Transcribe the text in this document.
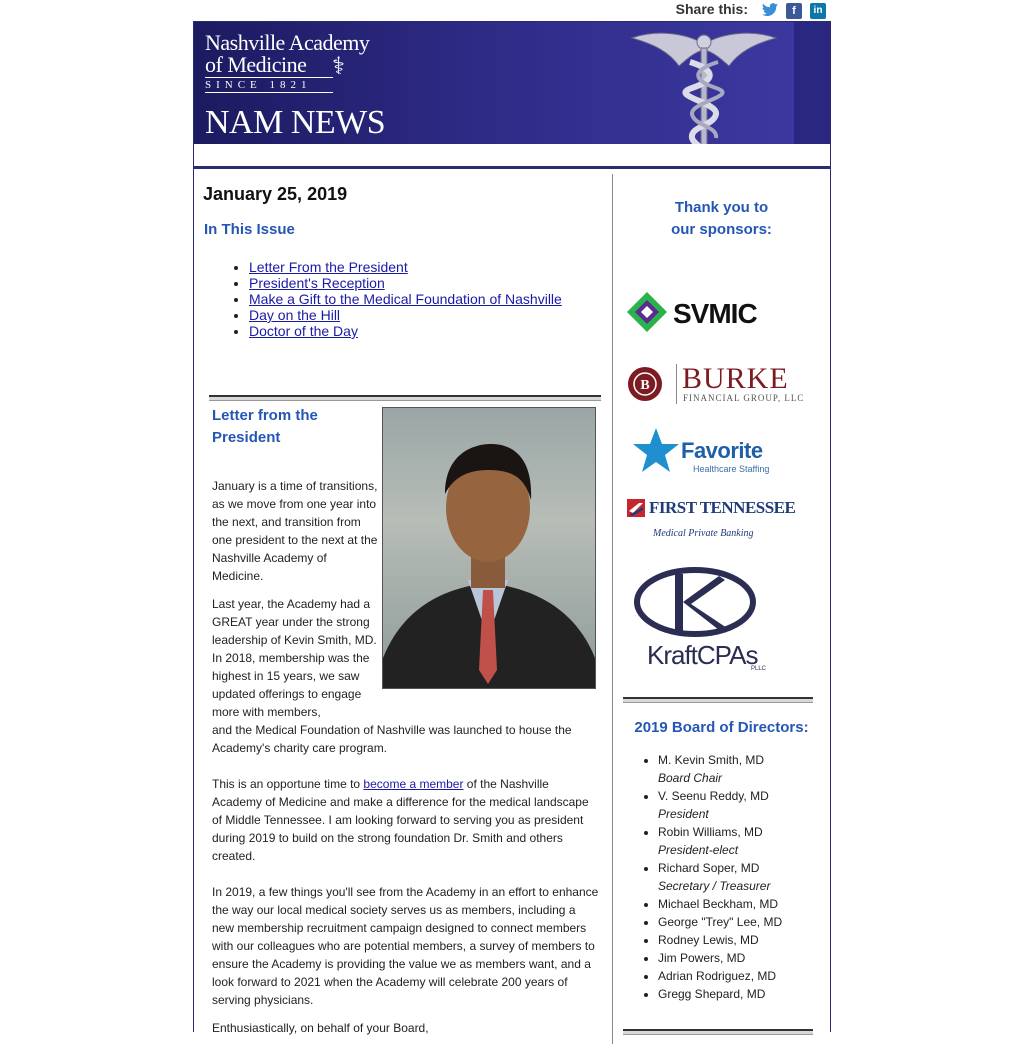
Share this:	f	in
Nashville Academy
of Medicine
SINCE 1821
⚕
NAM NEWS
January 25, 2019
In This Issue
• Letter From the President
• President's Reception
• Make a Gift to the Medical Foundation of Nashville
• Day on the Hill
• Doctor of the Day
Letter from the President

January is a time of transitions, as we move from one year into the next, and transition from one president to the next at the Nashville Academy of Medicine.

Last year, the Academy had a GREAT year under the strong leadership of Kevin Smith, MD. In 2018, membership was the highest in 15 years, we saw updated offerings to engage more with members,

and the Medical Foundation of Nashville was launched to house the Academy's charity care program.

This is an opportune time to become a member of the Nashville Academy of Medicine and make a difference for the medical landscape of Middle Tennessee. I am looking forward to serving you as president during 2019 to build on the strong foundation Dr. Smith and others created.

In 2019, a few things you'll see from the Academy in an effort to enhance the way our local medical society serves us as members, including a new membership recruitment campaign designed to connect members with our colleagues who are potential members, a survey of members to ensure the Academy is providing the value we as members want, and a look forward to 2021 when the Academy will celebrate 200 years of serving physicians.

Enthusiastically, on behalf of your Board,

Thank you to
our sponsors:
SVMIC
B BURKE
FINANCIAL GROUP, LLC
Favorite
Healthcare Staffing
FIRST TENNESSEE
Medical Private Banking
KraftCPAs
PLLC
2019 Board of Directors:
• M. Kevin Smith, MD
Board Chair
• V. Seenu Reddy, MD
President
• Robin Williams, MD
President-elect
• Richard Soper, MD
Secretary / Treasurer
• Michael Beckham, MD
• George "Trey" Lee, MD
• Rodney Lewis, MD
• Jim Powers, MD
• Adrian Rodriguez, MD
• Gregg Shepard, MD
